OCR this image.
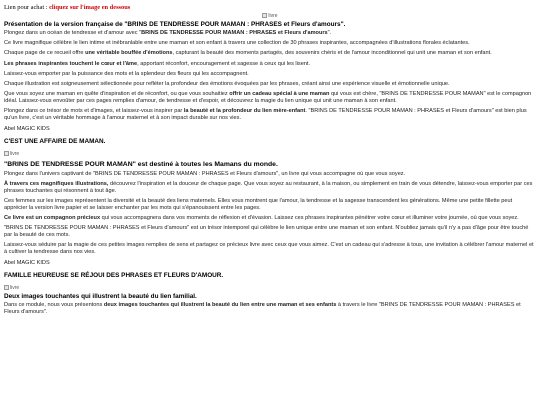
Lien pour achat : cliquez sur l'image en dessous
livre
Présentation de la version française de "BRINS DE TENDRESSE POUR MAMAN : PHRASES et Fleurs d'amours".

Plongez dans un océan de tendresse et d'amour avec "BRINS DE TENDRESSE POUR MAMAN : PHRASES et Fleurs d'amours".

Ce livre magnifique célèbre le lien intime et inébranlable entre une maman et son enfant à travers une collection de 30 phrases inspirantes, accompagnées d'illustrations florales éclatantes.

Chaque page de ce recueil offre une véritable bouffée d'émotions, capturant la beauté des moments partagés, des souvenirs chéris et de l'amour inconditionnel qui unit une maman et son enfant.

Les phrases inspirantes touchent le cœur et l'âme, apportant réconfort, encouragement et sagesse à ceux qui les lisent.

Laissez-vous emporter par la puissance des mots et la splendeur des fleurs qui les accompagnent.

Chaque illustration est soigneusement sélectionnée pour refléter la profondeur des émotions évoquées par les phrases, créant ainsi une expérience visuelle et émotionnelle unique.

Que vous soyez une maman en quête d'inspiration et de réconfort, ou que vous souhaitiez offrir un cadeau spécial à une maman qui vous est chère, "BRINS DE TENDRESSE POUR MAMAN" est le compagnon idéal. Laissez-vous envoûter par ces pages remplies d'amour, de tendresse et d'espoir, et découvrez la magie du lien unique qui unit une maman à son enfant.

Plongez dans ce trésor de mots et d'images, et laissez-vous inspirer par la beauté et la profondeur du lien mère-enfant. "BRINS DE TENDRESSE POUR MAMAN : PHRASES et Fleurs d'amours" est bien plus qu'un livre, c'est un véritable hommage à l'amour maternel et à son impact durable sur nos vies.

Abel MAGIC KIDS
C'EST UNE AFFAIRE DE MAMAN.
livre
"BRINS DE TENDRESSE POUR MAMAN" est destiné à toutes les Mamans du monde.

Plongez dans l'univers captivant de "BRINS DE TENDRESSE POUR MAMAN : PHRASES et Fleurs d'amours", un livre qui vous accompagne où que vous soyez.

À travers ces magnifiques illustrations, découvrez l'inspiration et la douceur de chaque page. Que vous soyez au restaurant, à la maison, ou simplement en train de vous détendre, laissez-vous emporter par ces phrases touchantes qui résonnent à tout âge.

Ces femmes sur les images représentent la diversité et la beauté des liens maternels. Elles vous montrent que l'amour, la tendresse et la sagesse transcendent les générations. Même une petite fillette peut apprécier la version livre papier et se laisser enchanter par les mots qui s'épanouissent entre les pages.

Ce livre est un compagnon précieux qui vous accompagnera dans vos moments de réflexion et d'évasion. Laissez ces phrases inspirantes pénétrer votre cœur et illuminer votre journée, où que vous soyez.

"BRINS DE TENDRESSE POUR MAMAN : PHRASES et Fleurs d'amours" est un trésor intemporel qui célèbre le lien unique entre une maman et son enfant. N'oubliez jamais qu'il n'y a pas d'âge pour être touché par la beauté de ces mots.

Laissez-vous séduire par la magie de ces petites images remplies de sens et partagez ce précieux livre avec ceux que vous aimez. C'est un cadeau qui s'adresse à tous, une invitation à célébrer l'amour maternel et à cultiver la tendresse dans nos vies.

Abel MAGIC KIDS
FAMILLE HEUREUSE SE RÉJOUI DES PHRASES ET FLEURS D'AMOUR.
livre
Deux images touchantes qui illustrent la beauté du lien familial.

Dans ce module, nous vous présentons deux images touchantes qui illustrent la beauté du lien entre une maman et ses enfants à travers le livre "BRINS DE TENDRESSE POUR MAMAN : PHRASES et Fleurs d'amours".
